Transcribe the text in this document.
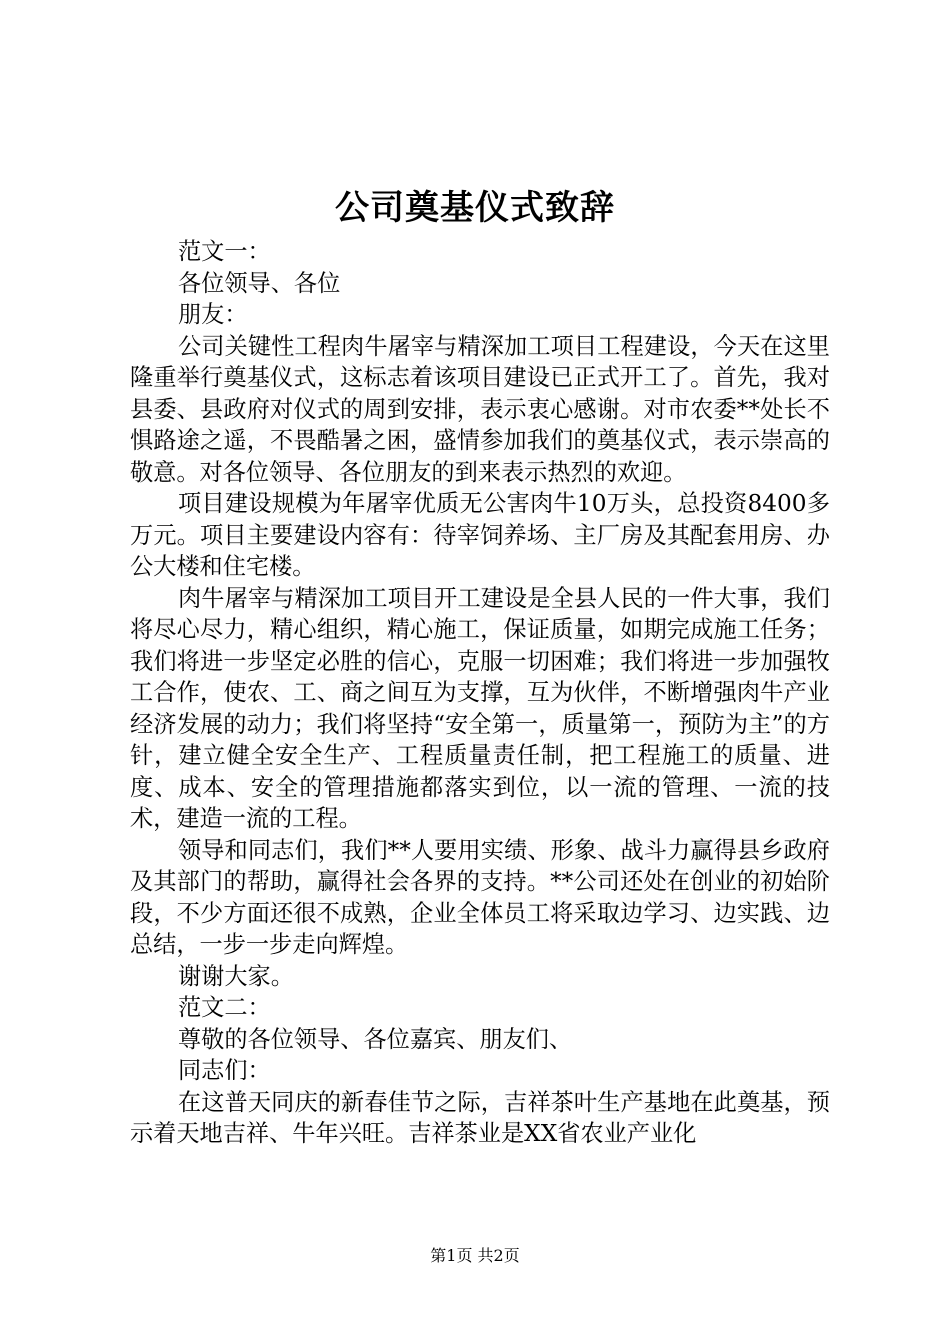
公司奠基仪式致辞

范文一：

各位领导、各位

朋友：

公司关键性工程肉牛屠宰与精深加工项目工程建设，今天在这里隆重举行奠基仪式，这标志着该项目建设已正式开工了。首先，我对县委、县政府对仪式的周到安排，表示衷心感谢。对市农委**处长不惧路途之遥，不畏酷暑之困，盛情参加我们的奠基仪式，表示崇高的敬意。对各位领导、各位朋友的到来表示热烈的欢迎。

项目建设规模为年屠宰优质无公害肉牛10万头，总投资8400多万元。项目主要建设内容有：待宰饲养场、主厂房及其配套用房、办公大楼和住宅楼。

肉牛屠宰与精深加工项目开工建设是全县人民的一件大事，我们将尽心尽力，精心组织，精心施工，保证质量，如期完成施工任务；我们将进一步坚定必胜的信心，克服一切困难；我们将进一步加强牧工合作，使农、工、商之间互为支撑，互为伙伴，不断增强肉牛产业经济发展的动力；我们将坚持“安全第一，质量第一，预防为主”的方针，建立健全安全生产、工程质量责任制，把工程施工的质量、进度、成本、安全的管理措施都落实到位，以一流的管理、一流的技术，建造一流的工程。

领导和同志们，我们**人要用实绩、形象、战斗力赢得县乡政府及其部门的帮助，赢得社会各界的支持。**公司还处在创业的初始阶段，不少方面还很不成熟，企业全体员工将采取边学习、边实践、边总结，一步一步走向辉煌。

谢谢大家。

范文二：

尊敬的各位领导、各位嘉宾、朋友们、

同志们：

在这普天同庆的新春佳节之际，吉祥茶叶生产基地在此奠基，预示着天地吉祥、牛年兴旺。吉祥茶业是XX省农业产业化

第1页 共2页
